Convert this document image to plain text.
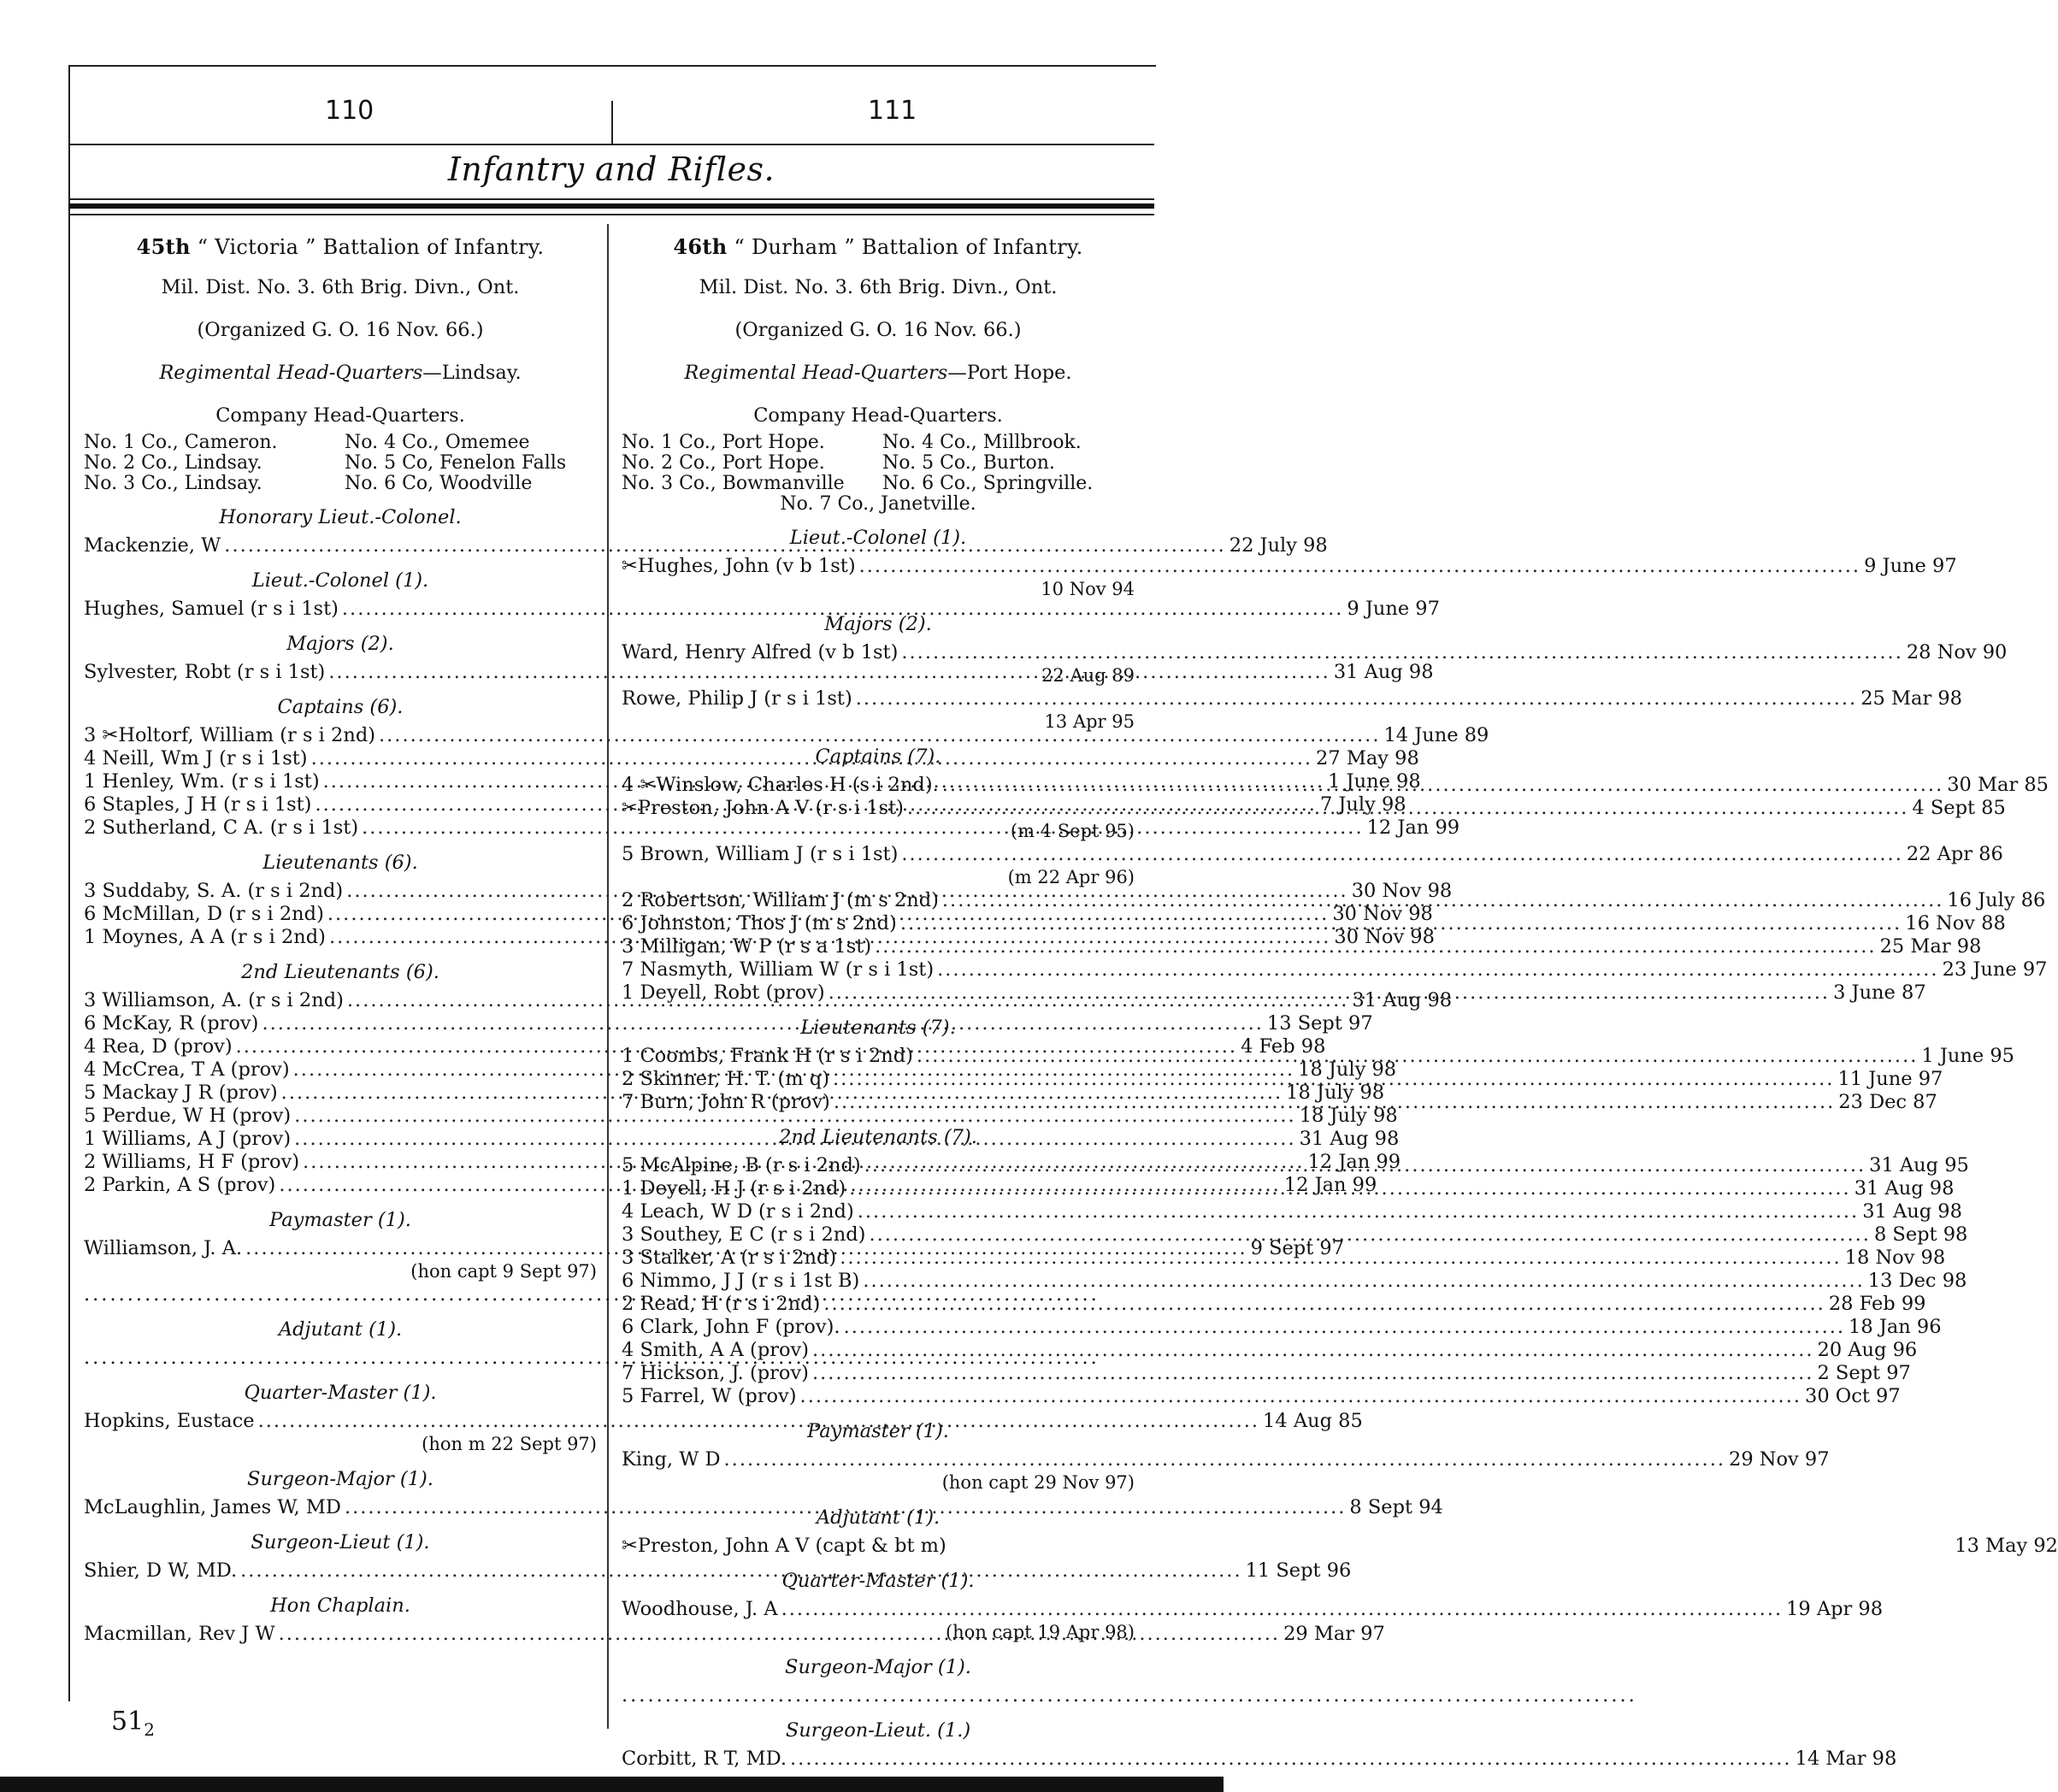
110	111
Infantry and Rifles.
45th “ Victoria ” Battalion of Infantry.
Mil. Dist. No. 3. 6th Brig. Divn., Ont.
(Organized G. O. 16 Nov. 66.)
Regimental Head-Quarters—Lindsay.
Company Head-Quarters.
No. 1 Co., Cameron.	No. 4 Co., Omemee
No. 2 Co., Lindsay.	No. 5 Co, Fenelon Falls
No. 3 Co., Lindsay.	No. 6 Co, Woodville
Honorary Lieut.-Colonel.
Mackenzie, W .....	22 July 98
Lieut.-Colonel (1).
Hughes, Samuel (r s i 1st) .....	9 June 97
Majors (2).
Sylvester, Robt (r s i 1st) .....	31 Aug 98
Captains (6).
3 ✂Holtorf, William (r s i 2nd) .....	14 June 89
4 Neill, Wm J (r s i 1st) .....	27 May 98
1 Henley, Wm. (r s i 1st) .....	1 June 98
6 Staples, J H (r s i 1st) .....	7 July 98
2 Sutherland, C A. (r s i 1st) .....	12 Jan 99
Lieutenants (6).
3 Suddaby, S. A. (r s i 2nd) .....	30 Nov 98
6 McMillan, D (r s i 2nd) .....	30 Nov 98
1 Moynes, A A (r s i 2nd) .....	30 Nov 98
2nd Lieutenants (6).
3 Williamson, A. (r s i 2nd) .....	31 Aug 98
6 McKay, R (prov) .....	13 Sept 97
4 Rea, D (prov) .....	4 Feb 98
4 McCrea, T A (prov) .....	18 July 98
5 Mackay J R (prov) .....	18 July 98
5 Perdue, W H (prov) .....	18 July 98
1 Williams, A J (prov) .....	31 Aug 98
2 Williams, H F (prov) .....	12 Jan 99
2 Parkin, A S (prov) .....	12 Jan 99
Paymaster (1).
Williamson, J. A. .....	9 Sept 97
(hon capt 9 Sept 97)
.....
Adjutant (1).
.....
Quarter-Master (1).
Hopkins, Eustace .....	14 Aug 85
(hon m 22 Sept 97)
Surgeon-Major (1).
McLaughlin, James W, MD .....	8 Sept 94
Surgeon-Lieut (1).
Shier, D W, MD. .....	11 Sept 96
Hon Chaplain.
Macmillan, Rev J W .....	29 Mar 97
46th “ Durham ” Battalion of Infantry.
Mil. Dist. No. 3. 6th Brig. Divn., Ont.
(Organized G. O. 16 Nov. 66.)
Regimental Head-Quarters—Port Hope.
Company Head-Quarters.
No. 1 Co., Port Hope.	No. 4 Co., Millbrook.
No. 2 Co., Port Hope.	No. 5 Co., Burton.
No. 3 Co., Bowmanville	No. 6 Co., Springville.
No. 7 Co., Janetville.
Lieut.-Colonel (1).
✂Hughes, John (v b 1st) .....	9 June 97
10 Nov 94
Majors (2).
Ward, Henry Alfred (v b 1st) .....	28 Nov 90
22 Aug 89
Rowe, Philip J (r s i 1st) .....	25 Mar 98
13 Apr 95
Captains (7).
4 ✂Winslow, Charles H (s i 2nd). .....	30 Mar 85
✂Preston, John A V (r s i 1st) .....	4 Sept 85
(m 4 Sept 95)
5 Brown, William J (r s i 1st) .....	22 Apr 86
(m 22 Apr 96)
2 Robertson, William J (m s 2nd) .....	16 July 86
6 Johnston, Thos J (m s 2nd) .....	16 Nov 88
3 Milligan, W P (r s a 1st) .....	25 Mar 98
7 Nasmyth, William W (r s i 1st) .....	23 June 97
1 Deyell, Robt (prov) .....	3 June 87
Lieutenants (7).
1 Coombs, Frank H (r s i 2nd) .....	1 June 95
2 Skinner, H. T. (m q) .....	11 June 97
7 Burn, John R (prov) .....	23 Dec 87
2nd Lieutenants (7).
5 McAlpine, B (r s i 2nd) .....	31 Aug 95
1 Deyell, H J (r s i 2nd) .....	31 Aug 98
4 Leach, W D (r s i 2nd) .....	31 Aug 98
3 Southey, E C (r s i 2nd) .....	8 Sept 98
3 Stalker, A (r s i 2nd) .....	18 Nov 98
6 Nimmo, J J (r s i 1st B) .....	13 Dec 98
2 Read, H (r s i 2nd) .....	28 Feb 99
6 Clark, John F (prov). .....	18 Jan 96
4 Smith, A A (prov) .....	20 Aug 96
7 Hickson, J. (prov) .....	2 Sept 97
5 Farrel, W (prov) .....	30 Oct 97
Paymaster (1).
King, W D .....	29 Nov 97
(hon capt 29 Nov 97)
Adjutant (1).
✂Preston, John A V (capt & bt m)	13 May 92
Quarter-Master (1).
Woodhouse, J. A .....	19 Apr 98
(hon capt 19 Apr 98)
Surgeon-Major (1).
.....
Surgeon-Lieut. (1.)
Corbitt, R T, MD. .....	14 Mar 98
$51_2$
